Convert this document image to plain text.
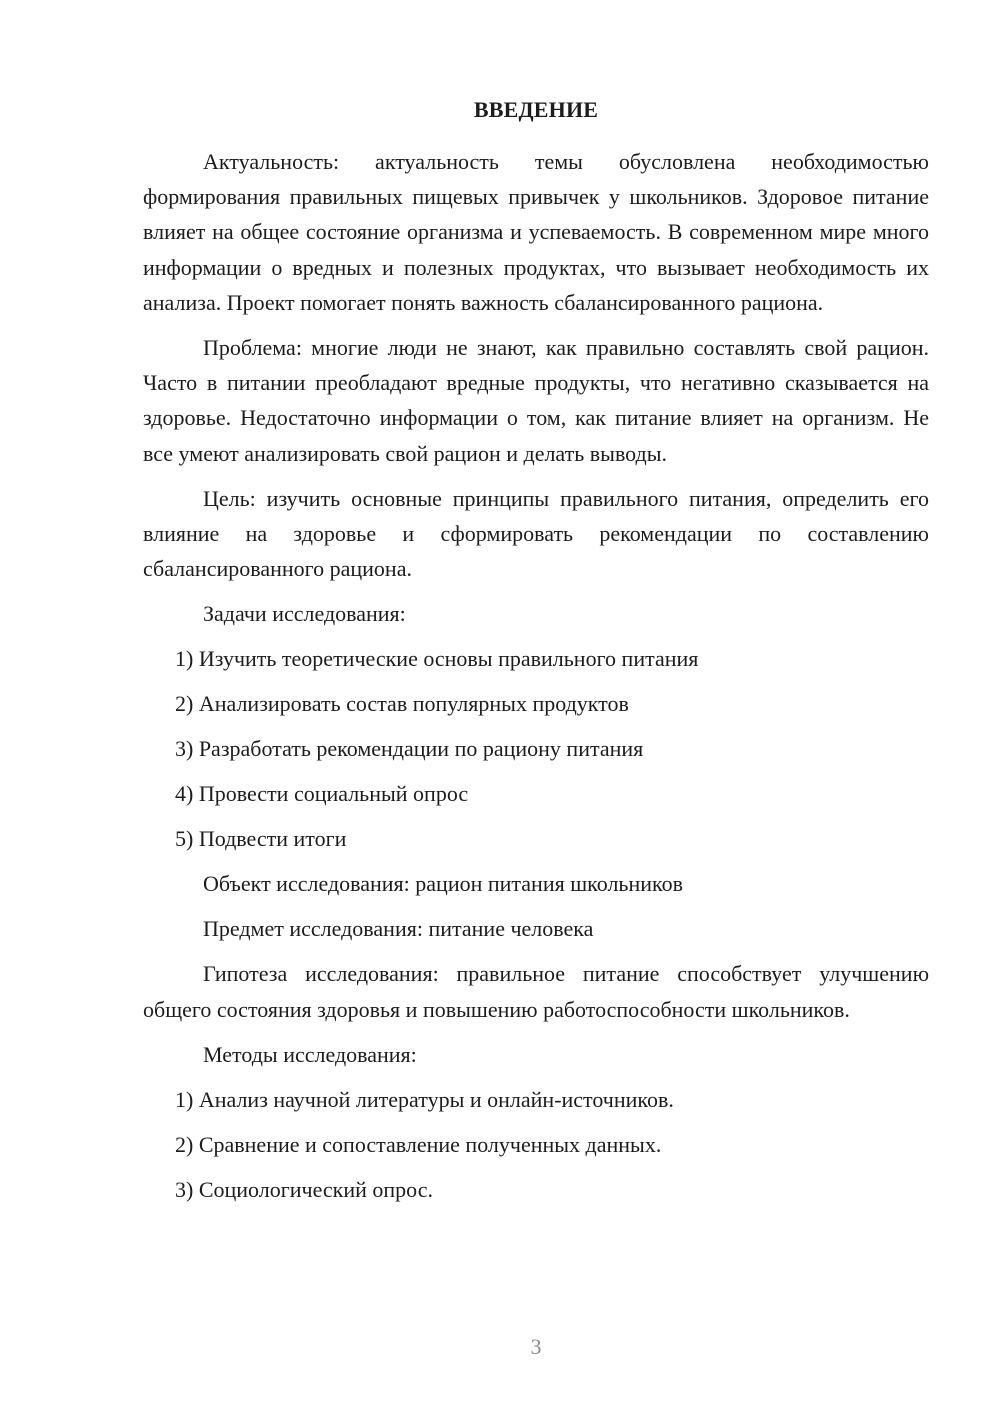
ВВЕДЕНИЕ

Актуальность: актуальность темы обусловлена необходимостью формирования правильных пищевых привычек у школьников. Здоровое питание влияет на общее состояние организма и успеваемость. В современном мире много информации о вредных и полезных продуктах, что вызывает необходимость их анализа. Проект помогает понять важность сбалансированного рациона.

Проблема: многие люди не знают, как правильно составлять свой рацион. Часто в питании преобладают вредные продукты, что негативно сказывается на здоровье. Недостаточно информации о том, как питание влияет на организм. Не все умеют анализировать свой рацион и делать выводы.

Цель: изучить основные принципы правильного питания, определить его влияние на здоровье и сформировать рекомендации по составлению сбалансированного рациона.

Задачи исследования:
1) Изучить теоретические основы правильного питания
2) Анализировать состав популярных продуктов
3) Разработать рекомендации по рациону питания
4) Провести социальный опрос
5) Подвести итоги
Объект исследования: рацион питания школьников
Предмет исследования: питание человека

Гипотеза исследования: правильное питание способствует улучшению общего состояния здоровья и повышению работоспособности школьников.

Методы исследования:
1) Анализ научной литературы и онлайн-источников.
2) Сравнение и сопоставление полученных данных.
3) Социологический опрос.
3
